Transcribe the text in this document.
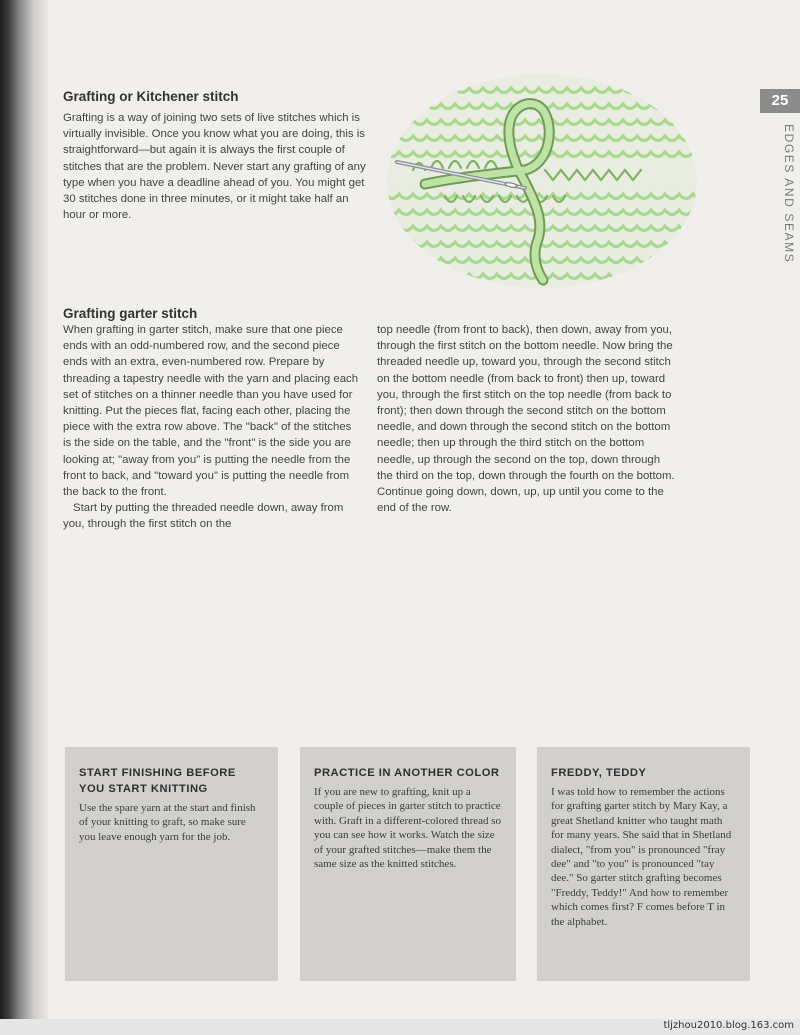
25
EDGES AND SEAMS
Grafting or Kitchener stitch

Grafting is a way of joining two sets of live stitches which is virtually invisible. Once you know what you are doing, this is straightforward—but again it is always the first couple of stitches that are the problem. Never start any grafting of any type when you have a deadline ahead of you. You might get 30 stitches done in three minutes, or it might take half an hour or more.

Grafting garter stitch

When grafting in garter stitch, make sure that one piece ends with an odd-numbered row, and the second piece ends with an extra, even-numbered row. Prepare by threading a tapestry needle with the yarn and placing each set of stitches on a thinner needle than you have used for knitting. Put the pieces flat, facing each other, placing the piece with the extra row above. The "back" of the stitches is the side on the table, and the "front" is the side you are looking at; "away from you" is putting the needle from the front to back, and "toward you" is putting the needle from the back to the front.

Start by putting the threaded needle down, away from you, through the first stitch on the

top needle (from front to back), then down, away from you, through the first stitch on the bottom needle. Now bring the threaded needle up, toward you, through the second stitch on the bottom needle (from back to front) then up, toward you, through the first stitch on the top needle (from back to front); then down through the second stitch on the bottom needle, and down through the second stitch on the bottom needle; then up through the third stitch on the bottom needle, up through the second on the top, down through the third on the top, down through the fourth on the bottom. Continue going down, down, up, up until you come to the end of the row.

START FINISHING BEFORE YOU START KNITTING

Use the spare yarn at the start and finish of your knitting to graft, so make sure you leave enough yarn for the job.

PRACTICE IN ANOTHER COLOR

If you are new to grafting, knit up a couple of pieces in garter stitch to practice with. Graft in a different-colored thread so you can see how it works. Watch the size of your grafted stitches—make them the same size as the knitted stitches.

FREDDY, TEDDY

I was told how to remember the actions for grafting garter stitch by Mary Kay, a great Shetland knitter who taught math for many years. She said that in Shetland dialect, "from you" is pronounced "fray dee" and "to you" is pronounced "tay dee." So garter stitch grafting becomes "Freddy, Teddy!" And how to remember which comes first? F comes before T in the alphabet.

tljzhou2010.blog.163.com
